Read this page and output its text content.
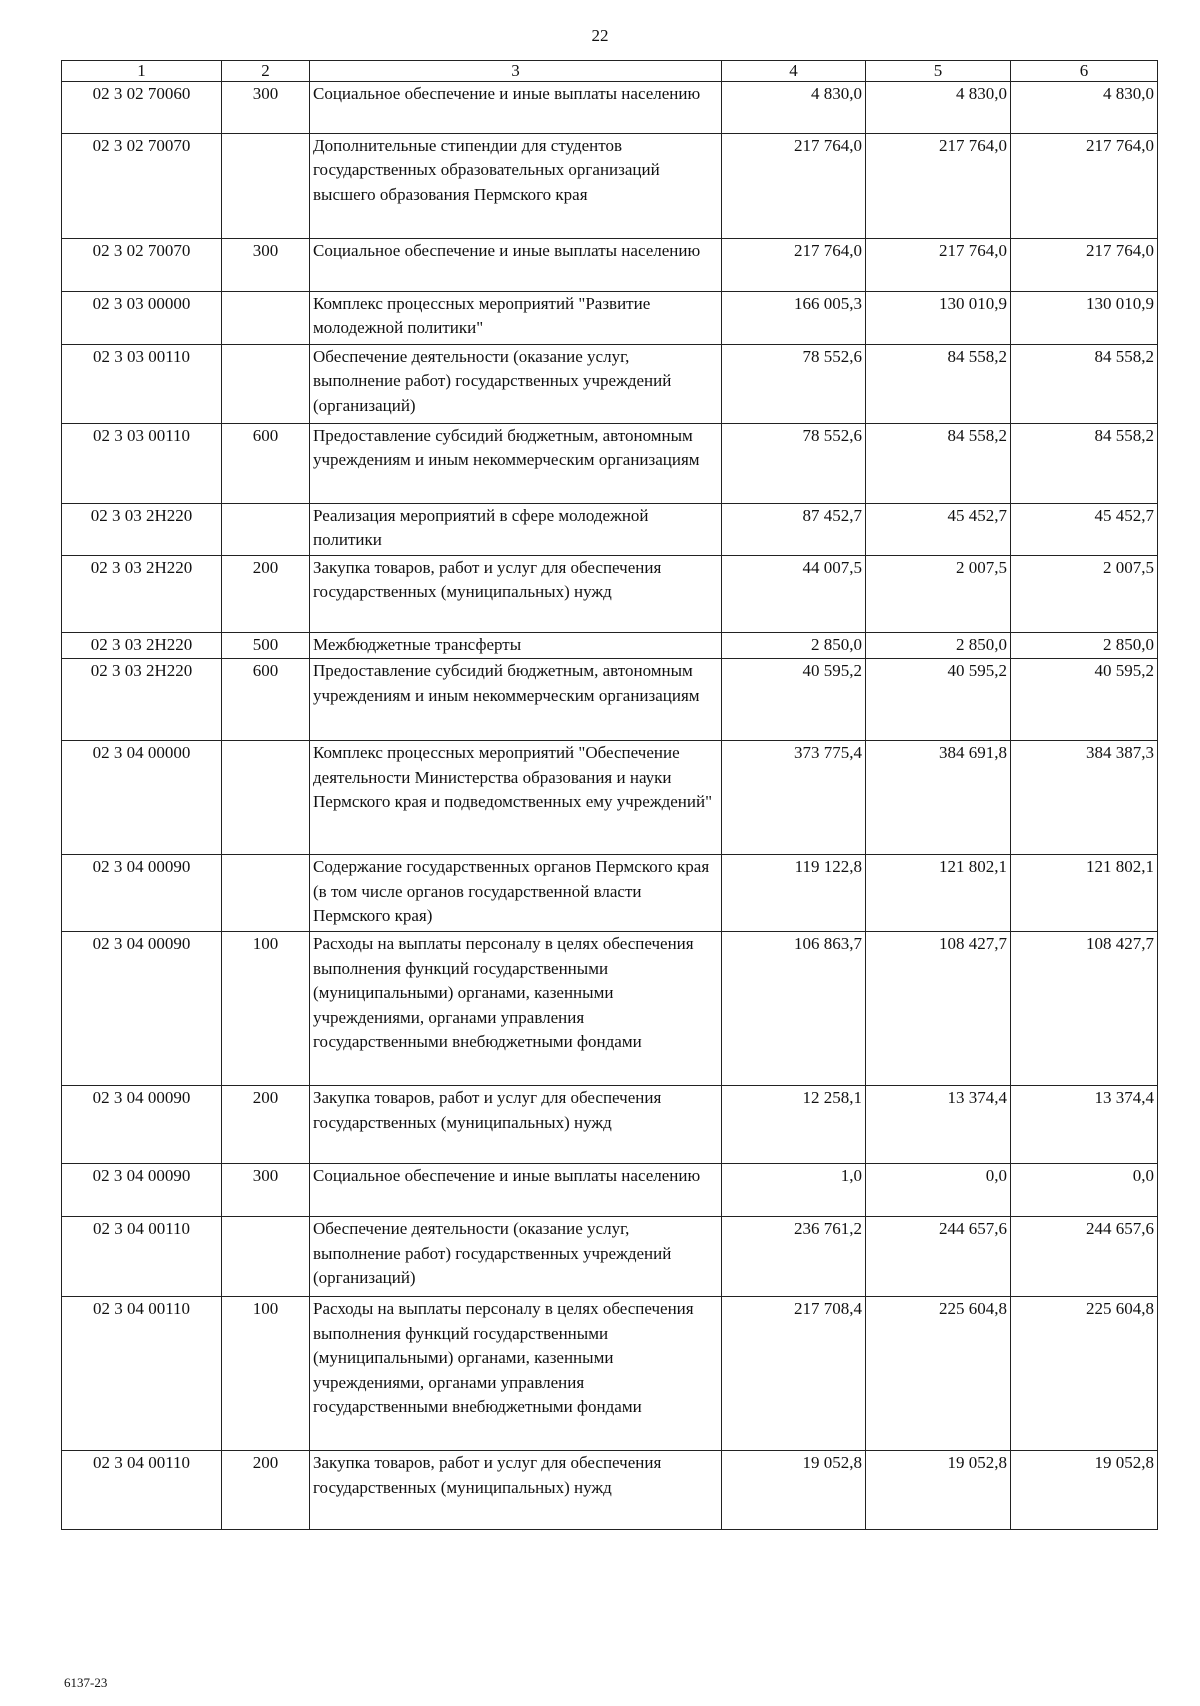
22
1	2	3	4	5	6
02 3 02 70060	300	Социальное обеспечение и иные выплаты населению	4 830,0	4 830,0	4 830,0
02 3 02 70070		Дополнительные стипендии для студентов государственных образовательных организаций высшего образования Пермского края	217 764,0	217 764,0	217 764,0
02 3 02 70070	300	Социальное обеспечение и иные выплаты населению	217 764,0	217 764,0	217 764,0
02 3 03 00000		Комплекс процессных мероприятий "Развитие молодежной политики"	166 005,3	130 010,9	130 010,9
02 3 03 00110		Обеспечение деятельности (оказание услуг, выполнение работ) государственных учреждений (организаций)	78 552,6	84 558,2	84 558,2
02 3 03 00110	600	Предоставление субсидий бюджетным, автономным учреждениям и иным некоммерческим организациям	78 552,6	84 558,2	84 558,2
02 3 03 2Н220		Реализация мероприятий в сфере молодежной политики	87 452,7	45 452,7	45 452,7
02 3 03 2Н220	200	Закупка товаров, работ и услуг для обеспечения государственных (муниципальных) нужд	44 007,5	2 007,5	2 007,5
02 3 03 2Н220	500	Межбюджетные трансферты	2 850,0	2 850,0	2 850,0
02 3 03 2Н220	600	Предоставление субсидий бюджетным, автономным учреждениям и иным некоммерческим организациям	40 595,2	40 595,2	40 595,2
02 3 04 00000		Комплекс процессных мероприятий "Обеспечение деятельности Министерства образования и науки Пермского края и подведомственных ему учреждений"	373 775,4	384 691,8	384 387,3
02 3 04 00090		Содержание государственных органов Пермского края (в том числе органов государственной власти Пермского края)	119 122,8	121 802,1	121 802,1
02 3 04 00090	100	Расходы на выплаты персоналу в целях обеспечения выполнения функций государственными (муниципальными) органами, казенными учреждениями, органами управления государственными внебюджетными фондами	106 863,7	108 427,7	108 427,7
02 3 04 00090	200	Закупка товаров, работ и услуг для обеспечения государственных (муниципальных) нужд	12 258,1	13 374,4	13 374,4
02 3 04 00090	300	Социальное обеспечение и иные выплаты населению	1,0	0,0	0,0
02 3 04 00110		Обеспечение деятельности (оказание услуг, выполнение работ) государственных учреждений (организаций)	236 761,2	244 657,6	244 657,6
02 3 04 00110	100	Расходы на выплаты персоналу в целях обеспечения выполнения функций государственными (муниципальными) органами, казенными учреждениями, органами управления государственными внебюджетными фондами	217 708,4	225 604,8	225 604,8
02 3 04 00110	200	Закупка товаров, работ и услуг для обеспечения государственных (муниципальных) нужд	19 052,8	19 052,8	19 052,8
6137-23
